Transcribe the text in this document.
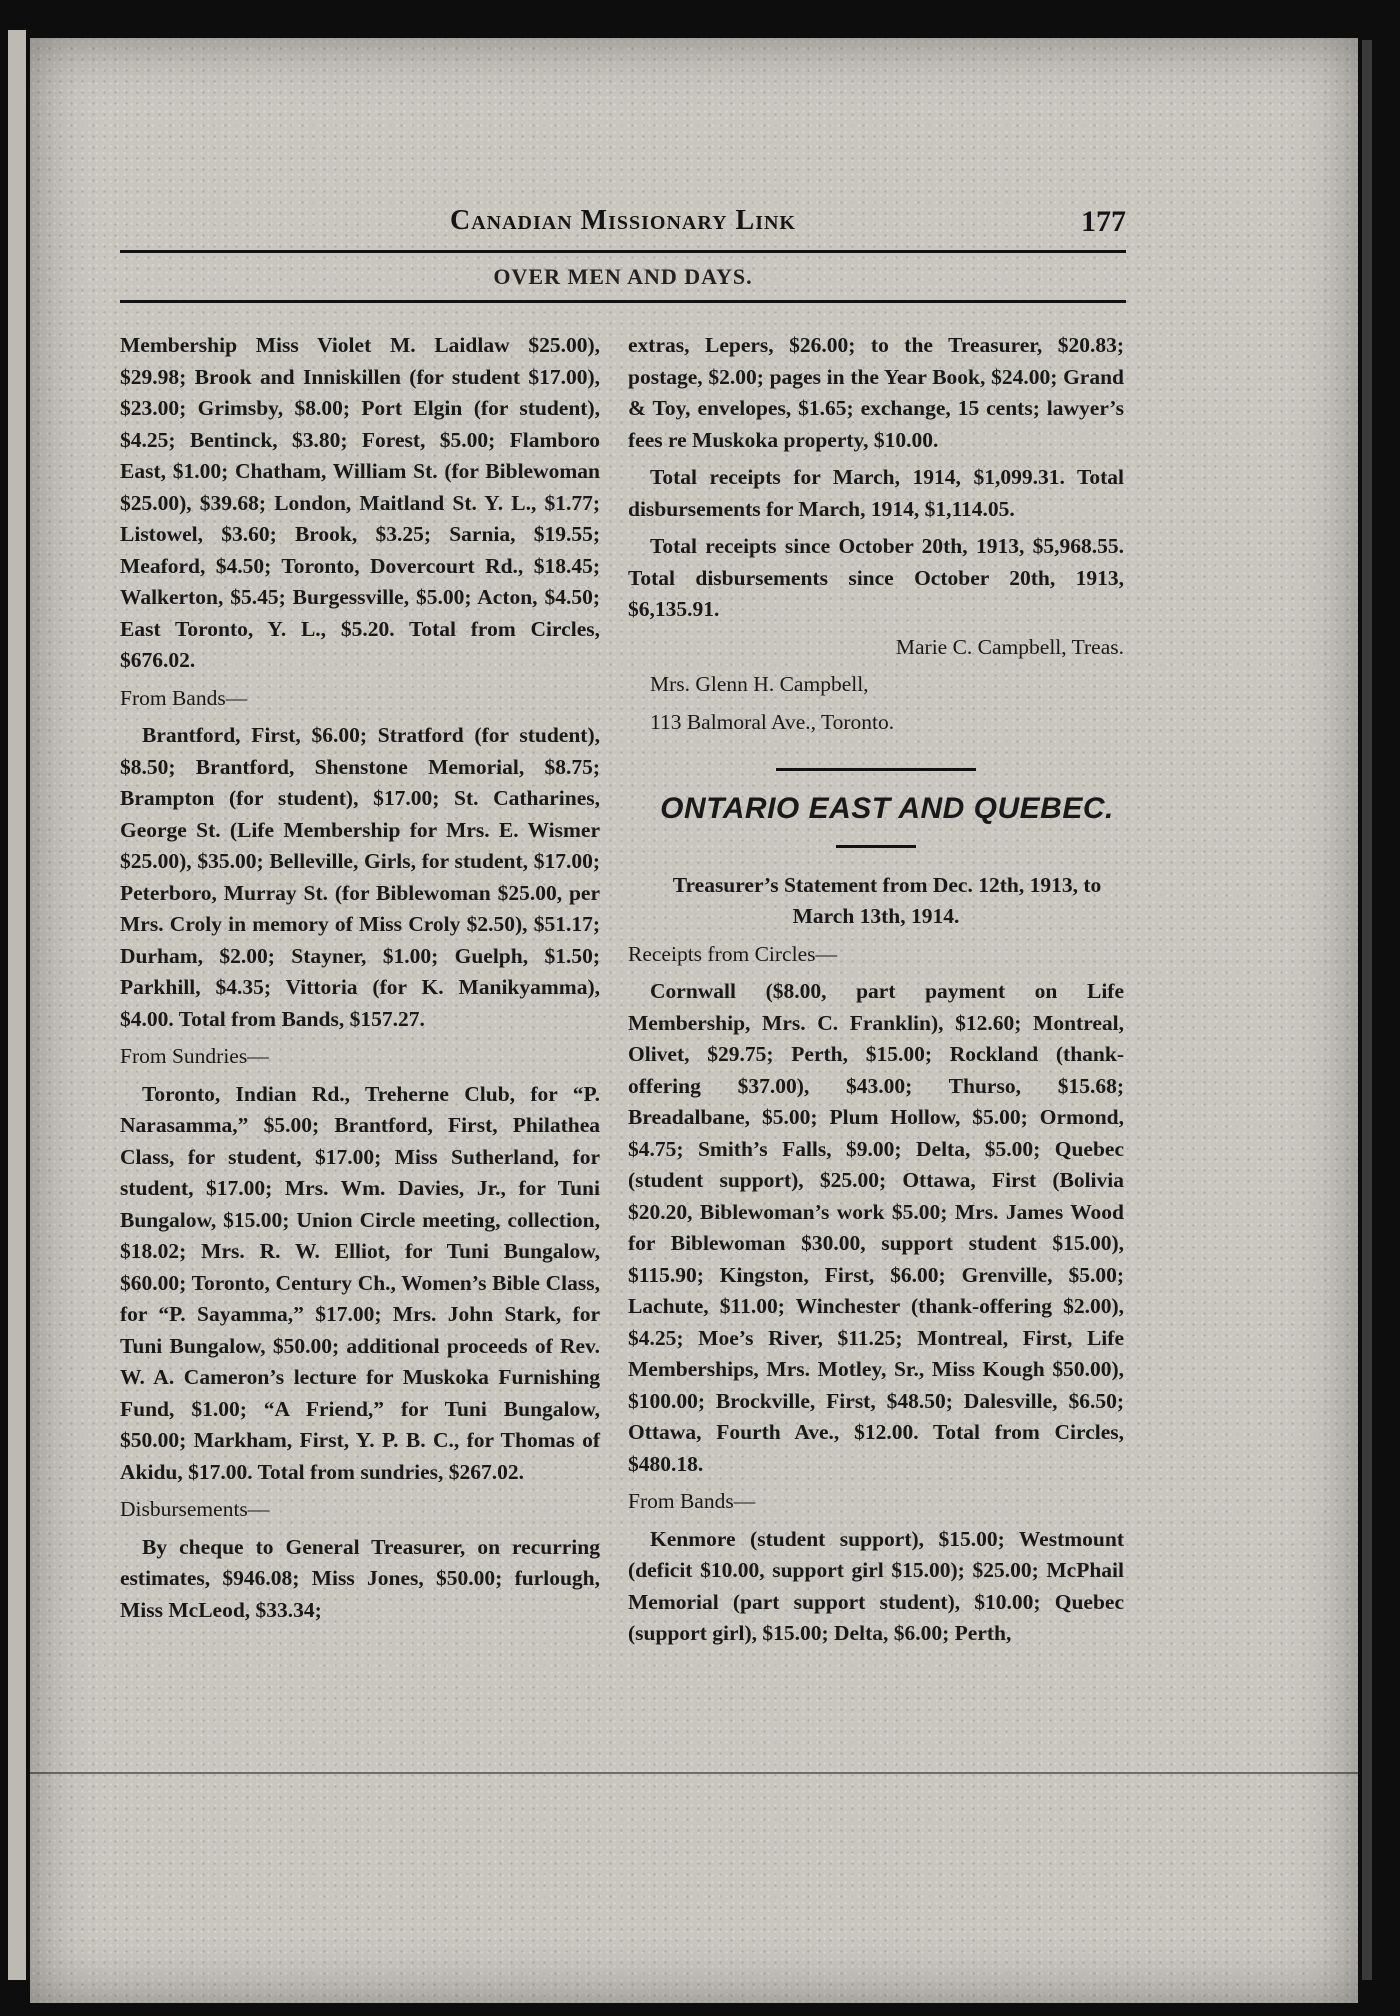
Canadian Missionary Link	177
OVER MEN AND DAYS.

Membership Miss Violet M. Laidlaw $25.00), $29.98; Brook and Inniskillen (for student $17.00), $23.00; Grimsby, $8.00; Port Elgin (for student), $4.25; Bentinck, $3.80; Forest, $5.00; Flamboro East, $1.00; Chatham, William St. (for Biblewoman $25.00), $39.68; London, Maitland St. Y. L., $1.77; Listowel, $3.60; Brook, $3.25; Sarnia, $19.55; Meaford, $4.50; Toronto, Dovercourt Rd., $18.45; Walkerton, $5.45; Burgessville, $5.00; Acton, $4.50; East Toronto, Y. L., $5.20. Total from Circles, $676.02.

From Bands—

Brantford, First, $6.00; Stratford (for student), $8.50; Brantford, Shenstone Memorial, $8.75; Brampton (for student), $17.00; St. Catharines, George St. (Life Membership for Mrs. E. Wismer $25.00), $35.00; Belleville, Girls, for student, $17.00; Peterboro, Murray St. (for Biblewoman $25.00, per Mrs. Croly in memory of Miss Croly $2.50), $51.17; Durham, $2.00; Stayner, $1.00; Guelph, $1.50; Parkhill, $4.35; Vittoria (for K. Manikyamma), $4.00. Total from Bands, $157.27.

From Sundries—

Toronto, Indian Rd., Treherne Club, for “P. Narasamma,” $5.00; Brantford, First, Philathea Class, for student, $17.00; Miss Sutherland, for student, $17.00; Mrs. Wm. Davies, Jr., for Tuni Bungalow, $15.00; Union Circle meeting, collection, $18.02; Mrs. R. W. Elliot, for Tuni Bungalow, $60.00; Toronto, Century Ch., Women’s Bible Class, for “P. Sayamma,” $17.00; Mrs. John Stark, for Tuni Bungalow, $50.00; additional proceeds of Rev. W. A. Cameron’s lecture for Muskoka Furnishing Fund, $1.00; “A Friend,” for Tuni Bungalow, $50.00; Markham, First, Y. P. B. C., for Thomas of Akidu, $17.00. Total from sundries, $267.02.

Disbursements—

By cheque to General Treasurer, on recurring estimates, $946.08; Miss Jones, $50.00; furlough, Miss McLeod, $33.34;

extras, Lepers, $26.00; to the Treasurer, $20.83; postage, $2.00; pages in the Year Book, $24.00; Grand & Toy, envelopes, $1.65; exchange, 15 cents; lawyer’s fees re Muskoka property, $10.00.

Total receipts for March, 1914, $1,099.31. Total disbursements for March, 1914, $1,114.05.

Total receipts since October 20th, 1913, $5,968.55. Total disbursements since October 20th, 1913, $6,135.91.

Marie C. Campbell, Treas.

Mrs. Glenn H. Campbell,

113 Balmoral Ave., Toronto.

ONTARIO EAST AND QUEBEC.

Treasurer’s Statement from Dec. 12th, 1913, to March 13th, 1914.

Receipts from Circles—

Cornwall ($8.00, part payment on Life Membership, Mrs. C. Franklin), $12.60; Montreal, Olivet, $29.75; Perth, $15.00; Rockland (thank-offering $37.00), $43.00; Thurso, $15.68; Breadalbane, $5.00; Plum Hollow, $5.00; Ormond, $4.75; Smith’s Falls, $9.00; Delta, $5.00; Quebec (student support), $25.00; Ottawa, First (Bolivia $20.20, Biblewoman’s work $5.00; Mrs. James Wood for Biblewoman $30.00, support student $15.00), $115.90; Kingston, First, $6.00; Grenville, $5.00; Lachute, $11.00; Winchester (thank-offering $2.00), $4.25; Moe’s River, $11.25; Montreal, First, Life Memberships, Mrs. Motley, Sr., Miss Kough $50.00), $100.00; Brockville, First, $48.50; Dalesville, $6.50; Ottawa, Fourth Ave., $12.00. Total from Circles, $480.18.

From Bands—

Kenmore (student support), $15.00; Westmount (deficit $10.00, support girl $15.00); $25.00; McPhail Memorial (part support student), $10.00; Quebec (support girl), $15.00; Delta, $6.00; Perth,
